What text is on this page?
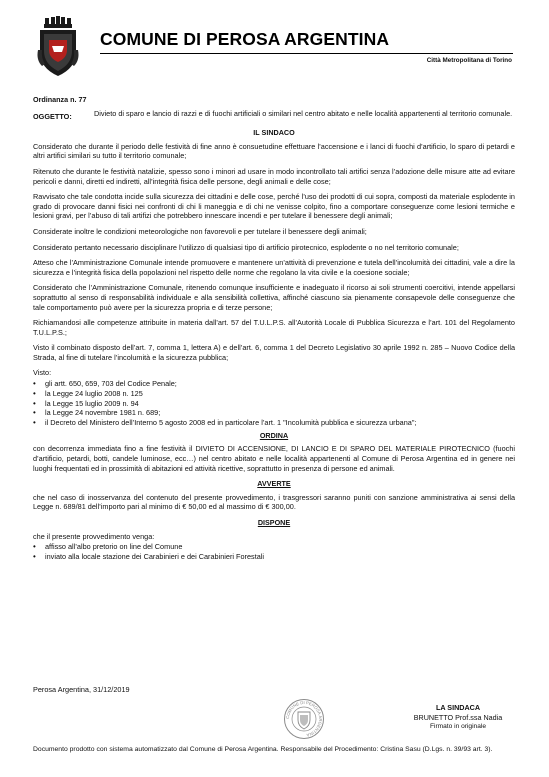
COMUNE DI PEROSA ARGENTINA
Città Metropolitana di Torino
Ordinanza n. 77
OGGETTO:	Divieto di sparo e lancio di razzi e di fuochi artificiali o similari nel centro abitato e nelle località appartenenti al territorio comunale.
IL SINDACO

Considerato che durante il periodo delle festività di fine anno è consuetudine effettuare l’accensione e i lanci di fuochi d’artificio, lo sparo di petardi e altri artifici similari su tutto il territorio comunale;

Ritenuto che durante le festività natalizie, spesso sono i minori ad usare in modo incontrollato tali artifici senza l’adozione delle misure atte ad evitare pericoli e danni, diretti ed indiretti, all’integrità fisica delle persone, degli animali e delle cose;

Ravvisato che tale condotta incide sulla sicurezza dei cittadini e delle cose, perché l’uso dei prodotti di cui sopra, composti da materiale esplodente in grado di provocare danni fisici nei confronti di chi li maneggia e di chi ne venisse colpito, fino a comportare conseguenze come lesioni termiche e lesioni gravi, per l’abuso di tali artifizi che potrebbero innescare incendi e per tutelare il benessere degli animali;

Considerate inoltre le condizioni meteorologiche non favorevoli e per tutelare il benessere degli animali;

Considerato pertanto necessario disciplinare l’utilizzo di qualsiasi tipo di artificio pirotecnico, esplodente o no nel territorio comunale;

Atteso che l’Amministrazione Comunale intende promuovere e mantenere un’attività di prevenzione e tutela dell’incolumità dei cittadini, vale a dire la sicurezza e l’integrità fisica della popolazioni nel rispetto delle norme che regolano la vita civile e la coesione sociale;

Considerato che l’Amministrazione Comunale, ritenendo comunque insufficiente e inadeguato il ricorso ai soli strumenti coercitivi, intende appellarsi soprattutto al senso di responsabilità individuale e alla sensibilità collettiva, affinché ciascuno sia pienamente consapevole delle conseguenze che tale comportamento può avere per la sicurezza propria e di terze persone;

Richiamandosi alle competenze attribuite in materia dall’art. 57 del T.U.L.P.S. all’Autorità Locale di Pubblica Sicurezza e l’art. 101 del Regolamento T.U.L.P.S.;

Visto il combinato disposto dell’art. 7, comma 1, lettera A) e dell’art. 6, comma 1 del Decreto Legislativo 30 aprile 1992 n. 285 – Nuovo Codice della Strada, al fine di tutelare l’incolumità e la sicurezza pubblica;

Visto:
• gli artt. 650, 659, 703 del Codice Penale;
• la Legge 24 luglio 2008 n. 125
• la Legge 15 luglio 2009 n. 94
• la Legge 24 novembre 1981 n. 689;
• il Decreto del Ministero dell’Interno 5 agosto 2008 ed in particolare l’art. 1 "Incolumità pubblica e sicurezza urbana";
ORDINA

con decorrenza immediata fino a fine festività il DIVIETO DI ACCENSIONE, DI LANCIO E DI SPARO DEL MATERIALE PIROTECNICO (fuochi d’artificio, petardi, botti, candele luminose, ecc…) nel centro abitato e nelle località appartenenti al Comune di Perosa Argentina ed in genere nei luoghi frequentati ed in prossimità di abitazioni ed attività ricettive, soprattutto in presenza di persone ed animali.

AVVERTE

che nel caso di inosservanza del contenuto del presente provvedimento, i trasgressori saranno puniti con sanzione amministrativa ai sensi della Legge n. 689/81 dell’importo pari al minimo di € 50,00 ed al massimo di € 300,00.

DISPONE
che il presente provvedimento venga:
• affisso all’albo pretorio on line del Comune
• inviato alla locale stazione dei Carabinieri e dei Carabinieri Forestali
Perosa Argentina, 31/12/2019
COMUNE DI PEROSA ARGENTINA
LA SINDACA
BRUNETTO Prof.ssa Nadia
Firmato in originale
Documento prodotto con sistema automatizzato dal Comune di Perosa Argentina. Responsabile del Procedimento: Cristina Sasu (D.Lgs. n. 39/93 art. 3).
